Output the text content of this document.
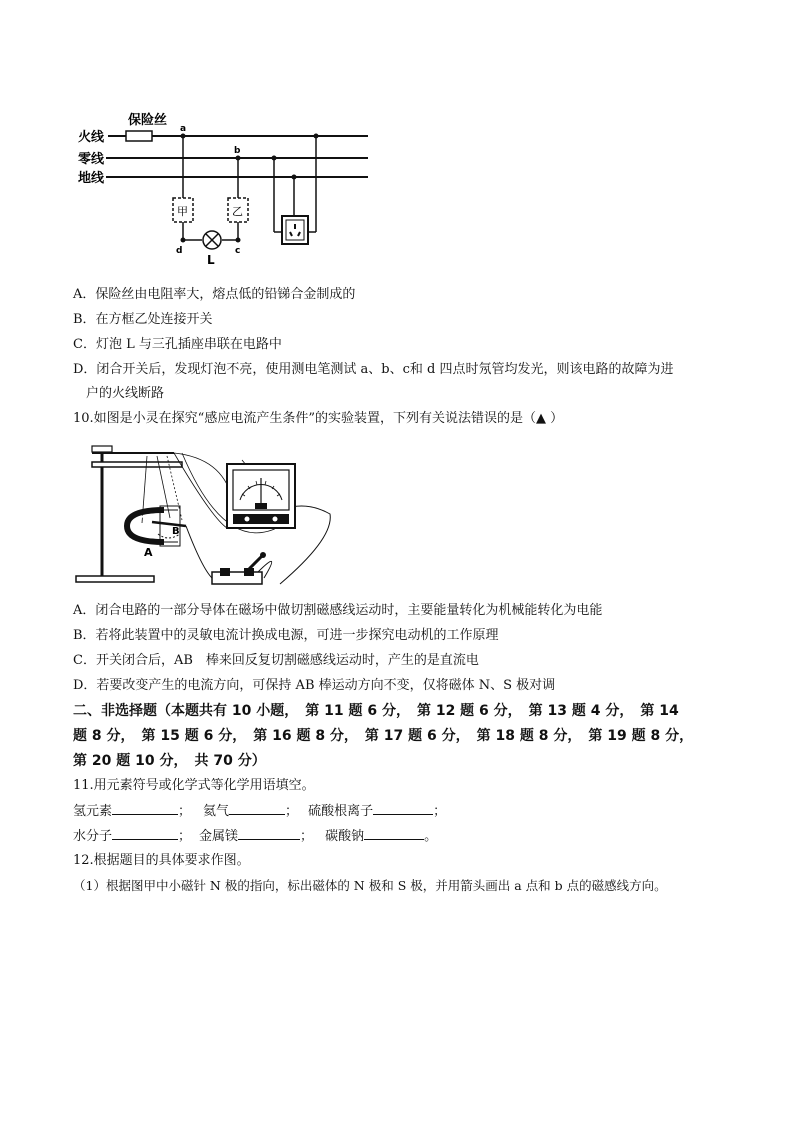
保险丝
火线
零线
地线
a
b
c
d
甲	乙
L
A．保险丝由电阻率大，熔点低的铅锑合金制成的
B．在方框乙处连接开关
C．灯泡 L 与三孔插座串联在电路中
D．闭合开关后，发现灯泡不亮，使用测电笔测试 a、b、c和 d 四点时氖管均发光，则该电路的故障为进
户的火线断路
10.如图是小灵在探究“感应电流产生条件”的实验装置，下列有关说法错误的是（▲ ）
A
B
A．闭合电路的一部分导体在磁场中做切割磁感线运动时，主要能量转化为机械能转化为电能
B．若将此装置中的灵敏电流计换成电源，可进一步探究电动机的工作原理
C．开关闭合后，AB　棒来回反复切割磁感线运动时，产生的是直流电
D．若要改变产生的电流方向，可保持 AB 棒运动方向不变，仅将磁体 N、S 极对调
二、非选择题（本题共有 10 小题，　第 11 题 6 分，　第 12 题 6 分，　第 13 题 4 分，　第 14
题 8 分，　第 15 题 6 分，　第 16 题 8 分，　第 17 题 6 分，　第 18 题 8 分，　第 19 题 8 分，
第 20 题 10 分，　共 70 分）
11.用元素符号或化学式等化学用语填空。
氢元素	； 氦气	； 硫酸根离子	；
水分子	； 金属镁	； 碳酸钠	。
12.根据题目的具体要求作图。
（1）根据图甲中小磁针 N 极的指向，标出磁体的 N 极和 S 极，并用箭头画出 a 点和 b 点的磁感线方向。
